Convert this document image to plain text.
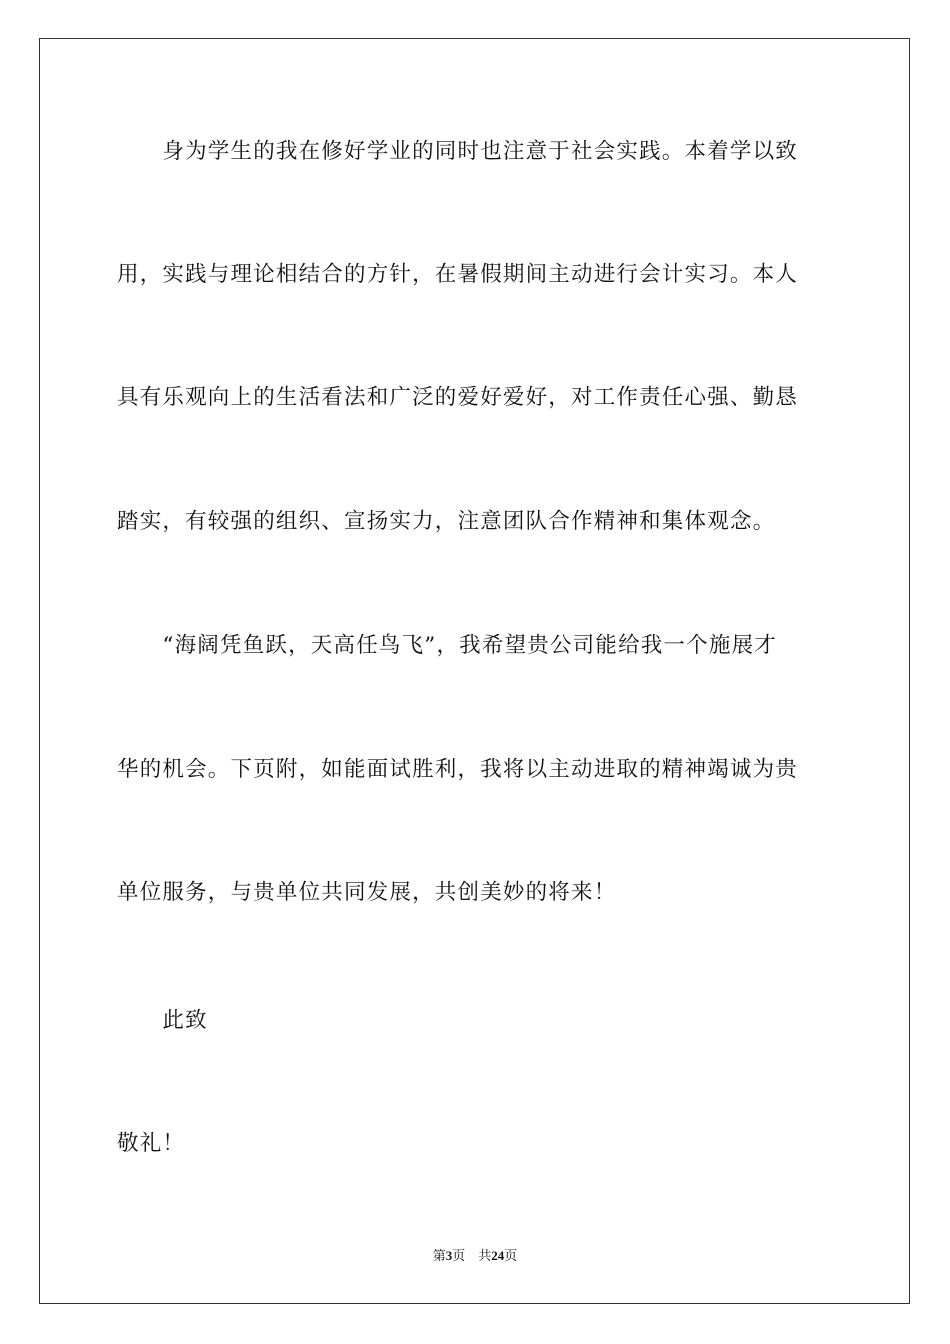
　　身为学生的我在修好学业的同时也注意于社会实践。本着学以致
用，实践与理论相结合的方针，在暑假期间主动进行会计实习。本人
具有乐观向上的生活看法和广泛的爱好爱好，对工作责任心强、勤恳
踏实，有较强的组织、宣扬实力，注意团队合作精神和集体观念。
　　“海阔凭鱼跃，天高任鸟飞”，我希望贵公司能给我一个施展才
华的机会。下页附，如能面试胜利，我将以主动进取的精神竭诚为贵
单位服务，与贵单位共同发展，共创美妙的将来！
　　此致
敬礼！
第3页 共24页
